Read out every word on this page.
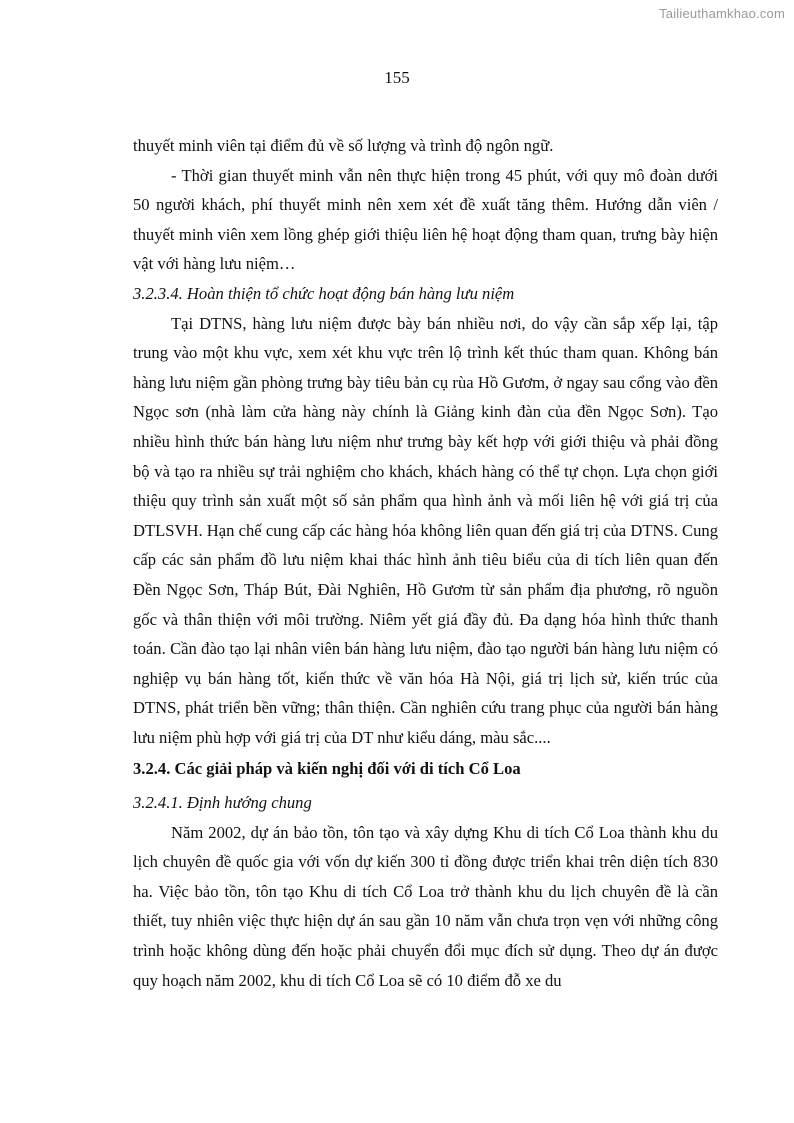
Tailieuthamkhao.com
155

thuyết minh viên tại điểm đủ về số lượng và trình độ ngôn ngữ.

- Thời gian thuyết minh vẫn nên thực hiện trong 45 phút, với quy mô đoàn dưới 50 người khách, phí thuyết minh nên xem xét đề xuất tăng thêm. Hướng dẫn viên / thuyết minh viên xem lồng ghép giới thiệu liên hệ hoạt động tham quan, trưng bày hiện vật với hàng lưu niệm…

3.2.3.4. Hoàn thiện tổ chức hoạt động bán hàng lưu niệm

Tại DTNS, hàng lưu niệm được bày bán nhiều nơi, do vậy cần sắp xếp lại, tập trung vào một khu vực, xem xét khu vực trên lộ trình kết thúc tham quan. Không bán hàng lưu niệm gần phòng trưng bày tiêu bản cụ rùa Hồ Gươm, ở ngay sau cổng vào đền Ngọc sơn (nhà làm cửa hàng này chính là Giảng kinh đàn của đền Ngọc Sơn). Tạo nhiều hình thức bán hàng lưu niệm như trưng bày kết hợp với giới thiệu và phải đồng bộ và tạo ra nhiều sự trải nghiệm cho khách, khách hàng có thể tự chọn. Lựa chọn giới thiệu quy trình sản xuất một số sản phẩm qua hình ảnh và mối liên hệ với giá trị của DTLSVH. Hạn chế cung cấp các hàng hóa không liên quan đến giá trị của DTNS. Cung cấp các sản phẩm đồ lưu niệm khai thác hình ảnh tiêu biểu của di tích liên quan đến Đền Ngọc Sơn, Tháp Bút, Đài Nghiên, Hồ Gươm từ sản phẩm địa phương, rõ nguồn gốc và thân thiện với môi trường. Niêm yết giá đầy đủ. Đa dạng hóa hình thức thanh toán. Cần đào tạo lại nhân viên bán hàng lưu niệm, đào tạo người bán hàng lưu niệm có nghiệp vụ bán hàng tốt, kiến thức về văn hóa Hà Nội, giá trị lịch sử, kiến trúc của DTNS, phát triển bền vững; thân thiện. Cần nghiên cứu trang phục của người bán hàng lưu niệm phù hợp với giá trị của DT như kiểu dáng, màu sắc....

3.2.4. Các giải pháp và kiến nghị đối với di tích Cổ Loa

3.2.4.1. Định hướng chung

Năm 2002, dự án bảo tồn, tôn tạo và xây dựng Khu di tích Cổ Loa thành khu du lịch chuyên đề quốc gia với vốn dự kiến 300 tỉ đồng được triển khai trên diện tích 830 ha. Việc bảo tồn, tôn tạo Khu di tích Cổ Loa trở thành khu du lịch chuyên đề là cần thiết, tuy nhiên việc thực hiện dự án sau gần 10 năm vẫn chưa trọn vẹn với những công trình hoặc không dùng đến hoặc phải chuyển đổi mục đích sử dụng. Theo dự án được quy hoạch năm 2002, khu di tích Cổ Loa sẽ có 10 điểm đỗ xe du
